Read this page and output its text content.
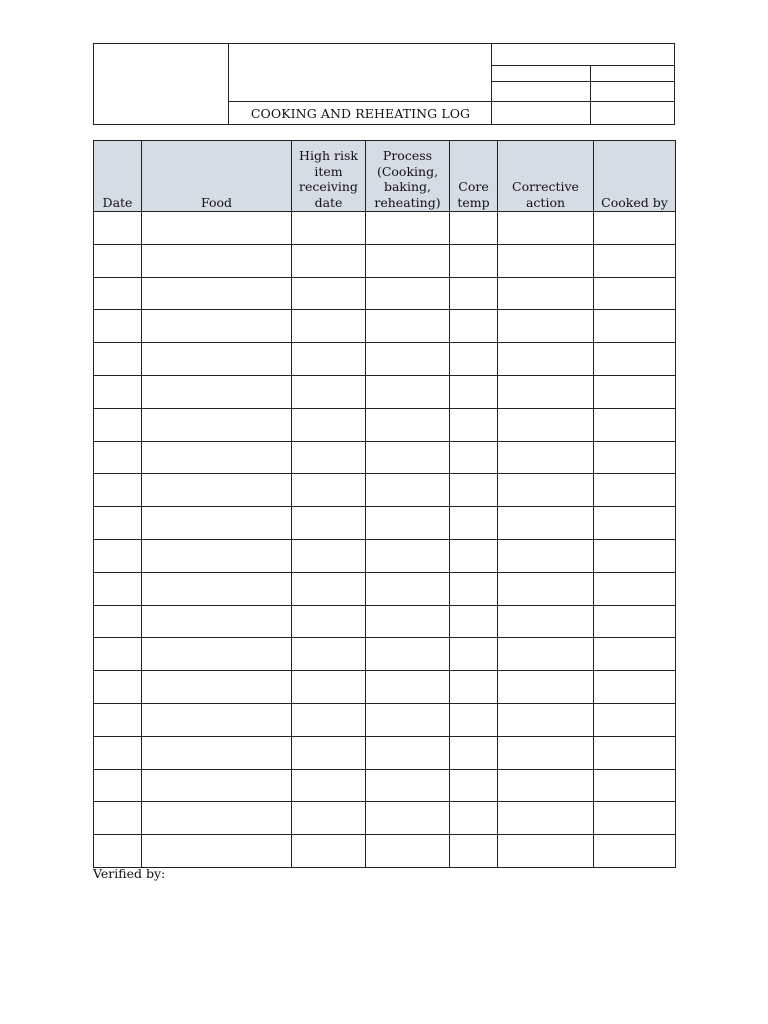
COOKING AND REHEATING LOG
Date	Food	High risk item receiving date	Process (Cooking, baking, reheating)	Core temp	Corrective action	Cooked by

Verified by:
